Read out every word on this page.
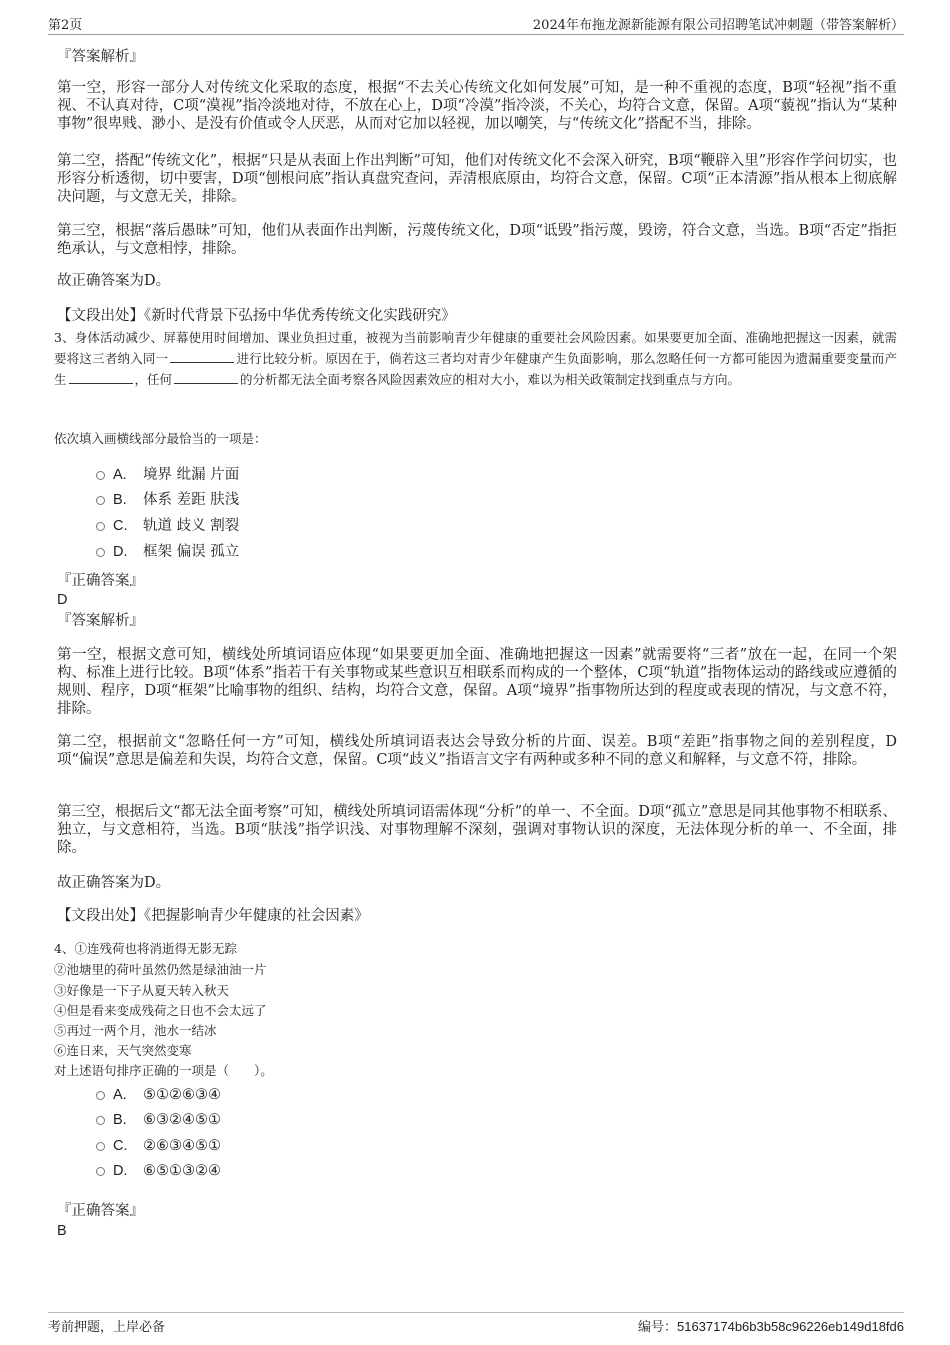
第2页	2024年布拖龙源新能源有限公司招聘笔试冲刺题（带答案解析）
『答案解析』
第一空，形容一部分人对传统文化采取的态度，根据“不去关心传统文化如何发展”可知，是一种不重视的态度，B项“轻视”指不重视、不认真对待，C项“漠视”指冷淡地对待，不放在心上，D项“冷漠”指冷淡，不关心，均符合文意，保留。A项“藐视”指认为“某种事物”很卑贱、渺小、是没有价值或令人厌恶，从而对它加以轻视，加以嘲笑，与“传统文化”搭配不当，排除。
第二空，搭配“传统文化”，根据“只是从表面上作出判断”可知，他们对传统文化不会深入研究，B项“鞭辟入里”形容作学问切实，也形容分析透彻，切中要害，D项“刨根问底”指认真盘究查问，弄清根底原由，均符合文意，保留。C项“正本清源”指从根本上彻底解决问题，与文意无关，排除。
第三空，根据“落后愚昧”可知，他们从表面作出判断，污蔑传统文化，D项“诋毁”指污蔑，毁谤，符合文意，当选。B项“否定”指拒绝承认，与文意相悖，排除。
故正确答案为D。
【文段出处】《新时代背景下弘扬中华优秀传统文化实践研究》
3、身体活动减少、屏幕使用时间增加、课业负担过重，被视为当前影响青少年健康的重要社会风险因素。如果要更加全面、准确地把握这一因素，就需要将这三者纳入同一	进行比较分析。原因在于，倘若这三者均对青少年健康产生负面影响，那么忽略任何一方都可能因为遗漏重要变量而产生	，任何	的分析都无法全面考察各风险因素效应的相对大小，难以为相关政策制定找到重点与方向。
依次填入画横线部分最恰当的一项是：
A. 境界 纰漏 片面
B. 体系 差距 肤浅
C. 轨道 歧义 割裂
D. 框架 偏误 孤立
『正确答案』
D
『答案解析』
第一空，根据文意可知，横线处所填词语应体现“如果要更加全面、准确地把握这一因素”就需要将“三者”放在一起，在同一个架构、标准上进行比较。B项“体系”指若干有关事物或某些意识互相联系而构成的一个整体，C项“轨道”指物体运动的路线或应遵循的规则、程序，D项“框架”比喻事物的组织、结构，均符合文意，保留。A项“境界”指事物所达到的程度或表现的情况，与文意不符，排除。
第二空，根据前文“忽略任何一方”可知，横线处所填词语表达会导致分析的片面、误差。B项“差距”指事物之间的差别程度，D项“偏误”意思是偏差和失误，均符合文意，保留。C项“歧义”指语言文字有两种或多种不同的意义和解释，与文意不符，排除。
第三空，根据后文“都无法全面考察”可知，横线处所填词语需体现“分析”的单一、不全面。D项“孤立”意思是同其他事物不相联系、独立，与文意相符，当选。B项“肤浅”指学识浅、对事物理解不深刻，强调对事物认识的深度，无法体现分析的单一、不全面，排除。
故正确答案为D。
【文段出处】《把握影响青少年健康的社会因素》
4、①连残荷也将消逝得无影无踪
②池塘里的荷叶虽然仍然是绿油油一片
③好像是一下子从夏天转入秋天
④但是看来变成残荷之日也不会太远了
⑤再过一两个月，池水一结冰
⑥连日来，天气突然变寒
对上述语句排序正确的一项是（　　）。
A. ⑤①②⑥③④
B. ⑥③②④⑤①
C. ②⑥③④⑤①
D. ⑥⑤①③②④
『正确答案』
B
考前押题，上岸必备	编号：51637174b6b3b58c96226eb149d18fd6
